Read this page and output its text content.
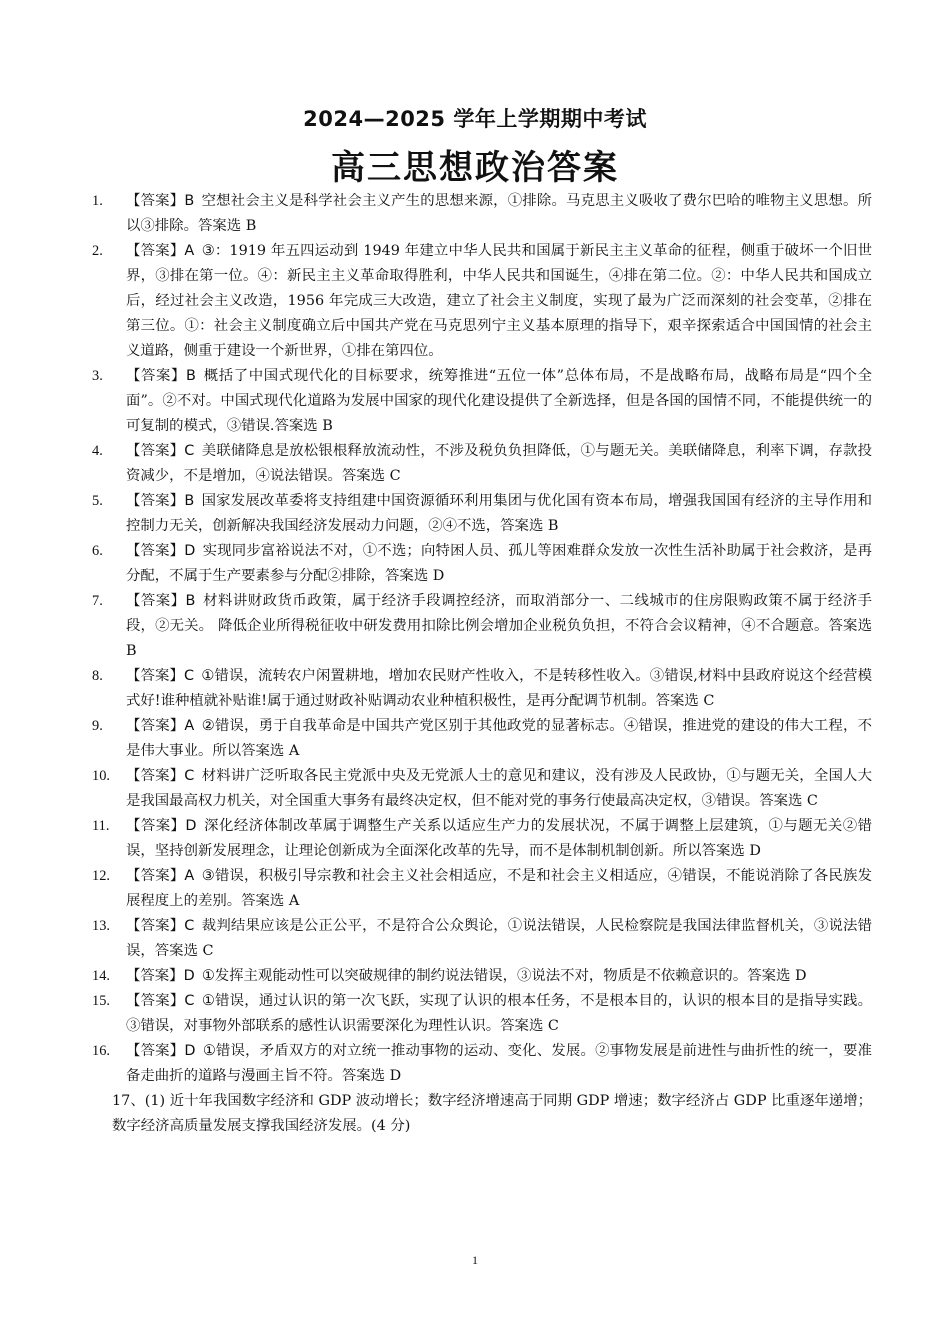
2024—2025 学年上学期期中考试
高三思想政治答案
1. 【答案】B  空想社会主义是科学社会主义产生的思想来源，①排除。马克思主义吸收了费尔巴哈的唯物主义思想。所以③排除。答案选 B
2. 【答案】A  ③：1919 年五四运动到 1949 年建立中华人民共和国属于新民主主义革命的征程，侧重于破坏一个旧世界，③排在第一位。④：新民主主义革命取得胜利，中华人民共和国诞生，④排在第二位。②：中华人民共和国成立后，经过社会主义改造，1956 年完成三大改造，建立了社会主义制度，实现了最为广泛而深刻的社会变革，②排在第三位。①：社会主义制度确立后中国共产党在马克思列宁主义基本原理的指导下，艰辛探索适合中国国情的社会主义道路，侧重于建设一个新世界，①排在第四位。
3. 【答案】B  概括了中国式现代化的目标要求，统筹推进“五位一体”总体布局，不是战略布局，战略布局是“四个全面”。②不对。中国式现代化道路为发展中国家的现代化建设提供了全新选择，但是各国的国情不同，不能提供统一的可复制的模式，③错误.答案选 B
4. 【答案】C  美联储降息是放松银根释放流动性，不涉及税负负担降低，①与题无关。美联储降息，利率下调，存款投资减少，不是增加，④说法错误。答案选 C
5. 【答案】B  国家发展改革委将支持组建中国资源循环利用集团与优化国有资本布局，增强我国国有经济的主导作用和控制力无关，创新解决我国经济发展动力问题，②④不选，答案选 B
6. 【答案】D  实现同步富裕说法不对，①不选；向特困人员、孤儿等困难群众发放一次性生活补助属于社会救济，是再分配，不属于生产要素参与分配②排除，答案选 D
7. 【答案】B  材料讲财政货币政策，属于经济手段调控经济，而取消部分一、二线城市的住房限购政策不属于经济手段，②无关。 降低企业所得税征收中研发费用扣除比例会增加企业税负负担，不符合会议精神，④不合题意。答案选 B
8. 【答案】C  ①错误，流转农户闲置耕地，增加农民财产性收入，不是转移性收入。③错误,材料中县政府说这个经营模式好!谁种植就补贴谁!属于通过财政补贴调动农业种植积极性，是再分配调节机制。答案选 C
9. 【答案】A  ②错误，勇于自我革命是中国共产党区别于其他政党的显著标志。④错误，推进党的建设的伟大工程，不是伟大事业。所以答案选 A
10. 【答案】C  材料讲广泛听取各民主党派中央及无党派人士的意见和建议，没有涉及人民政协，①与题无关，全国人大是我国最高权力机关，对全国重大事务有最终决定权，但不能对党的事务行使最高决定权，③错误。答案选 C
11. 【答案】D  深化经济体制改革属于调整生产关系以适应生产力的发展状况，不属于调整上层建筑，①与题无关②错误，坚持创新发展理念，让理论创新成为全面深化改革的先导，而不是体制机制创新。所以答案选 D
12. 【答案】A  ③错误，积极引导宗教和社会主义社会相适应，不是和社会主义相适应，④错误，不能说消除了各民族发展程度上的差别。答案选 A
13. 【答案】C  裁判结果应该是公正公平，不是符合公众舆论，①说法错误，人民检察院是我国法律监督机关，③说法错误，答案选 C
14. 【答案】D  ①发挥主观能动性可以突破规律的制约说法错误，③说法不对，物质是不依赖意识的。答案选 D
15. 【答案】C  ①错误，通过认识的第一次飞跃，实现了认识的根本任务，不是根本目的，认识的根本目的是指导实践。③错误，对事物外部联系的感性认识需要深化为理性认识。答案选 C
16. 【答案】D  ①错误，矛盾双方的对立统一推动事物的运动、变化、发展。②事物发展是前进性与曲折性的统一，要准备走曲折的道路与漫画主旨不符。答案选 D
17、(1) 近十年我国数字经济和 GDP 波动增长；数字经济增速高于同期 GDP 增速；数字经济占 GDP 比重逐年递增；数字经济高质量发展支撑我国经济发展。(4 分)
1
